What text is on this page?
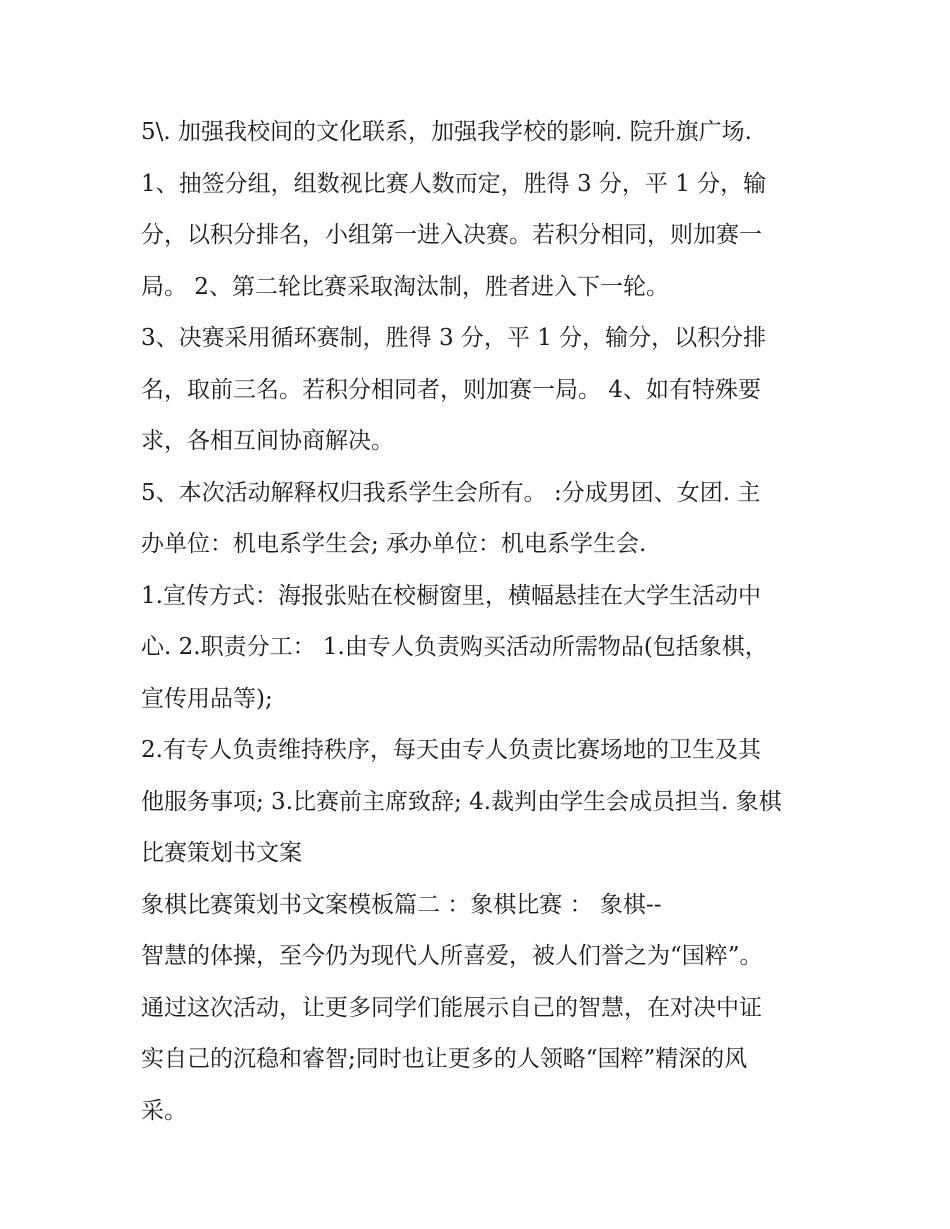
5\. 加强我校间的文化联系，加强我学校的影响. 院升旗广场.
1、抽签分组，组数视比赛人数而定，胜得 3 分，平 1 分，输
分，以积分排名，小组第一进入决赛。若积分相同，则加赛一
局。 2、第二轮比赛采取淘汰制，胜者进入下一轮。
3、决赛采用循环赛制，胜得 3 分，平 1 分，输分，以积分排
名，取前三名。若积分相同者，则加赛一局。 4、如有特殊要
求，各相互间协商解决。
5、本次活动解释权归我系学生会所有。 :分成男团、女团. 主
办单位：机电系学生会; 承办单位：机电系学生会.
1.宣传方式：海报张贴在校橱窗里，横幅悬挂在大学生活动中
心. 2.职责分工： 1.由专人负责购买活动所需物品(包括象棋，
宣传用品等);
2.有专人负责维持秩序，每天由专人负责比赛场地的卫生及其
他服务事项; 3.比赛前主席致辞; 4.裁判由学生会成员担当. 象棋
比赛策划书文案
象棋比赛策划书文案模板篇二 ：象棋比赛 ： 象棋--
智慧的体操，至今仍为现代人所喜爱，被人们誉之为“国粹”。
通过这次活动，让更多同学们能展示自己的智慧，在对决中证
实自己的沉稳和睿智;同时也让更多的人领略“国粹”精深的风
采。
